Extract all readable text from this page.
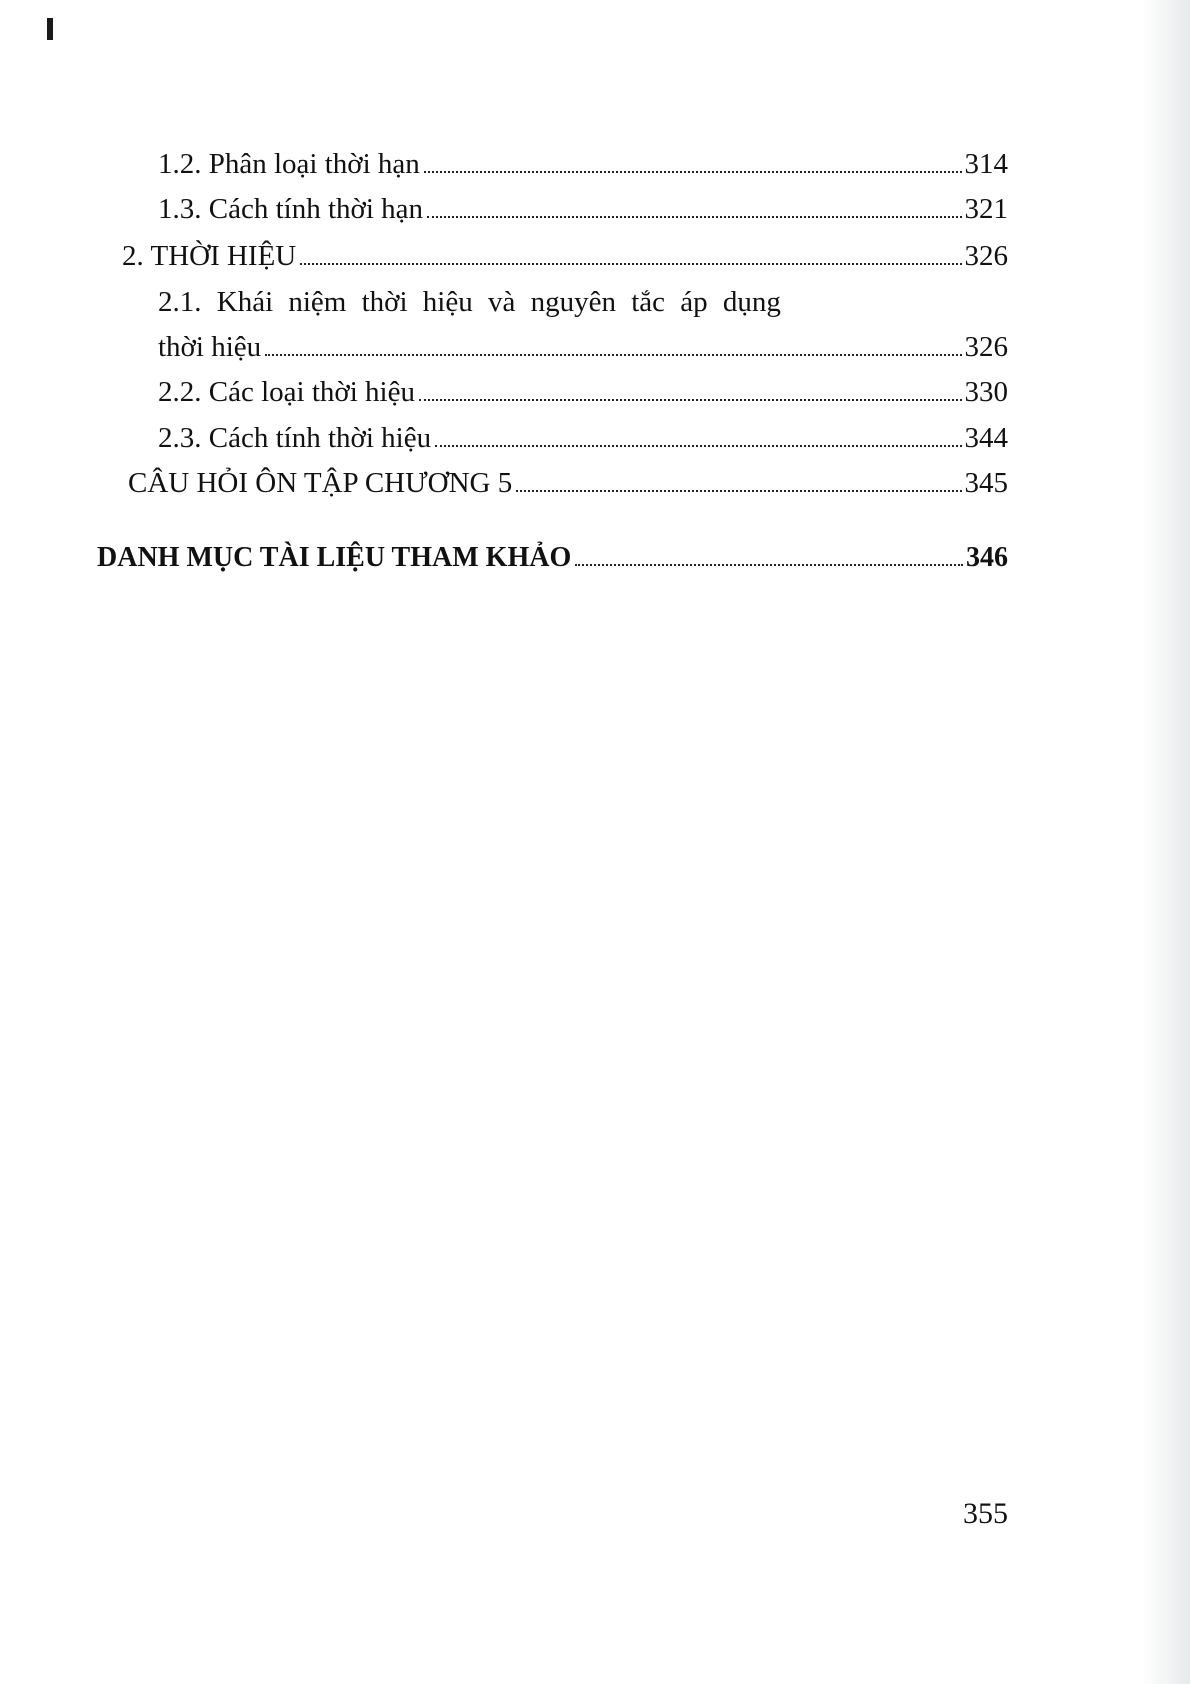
1.2. Phân loại thời hạn	314
1.3. Cách tính thời hạn	321
2. THỜI HIỆU	326
2.1. Khái niệm thời hiệu và nguyên tắc áp dụng
thời hiệu	326
2.2. Các loại thời hiệu	330
2.3. Cách tính thời hiệu	344
CÂU HỎI ÔN TẬP CHƯƠNG 5	345
DANH MỤC TÀI LIỆU THAM KHẢO	346
355
